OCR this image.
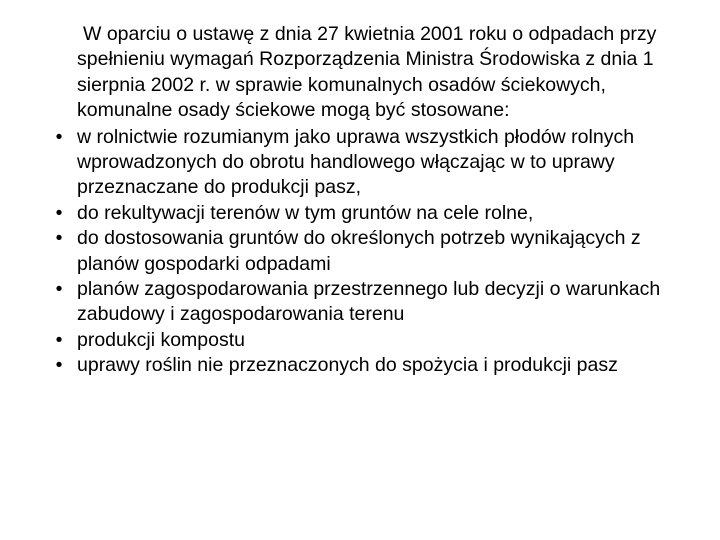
W oparciu o ustawę z dnia 27 kwietnia 2001 roku o odpadach przy spełnieniu wymagań Rozporządzenia Ministra Środowiska z dnia 1 sierpnia 2002 r. w sprawie komunalnych osadów ściekowych, komunalne osady ściekowe mogą być stosowane:

• w rolnictwie rozumianym jako uprawa wszystkich płodów rolnych wprowadzonych do obrotu handlowego włączając w to uprawy przeznaczane do produkcji pasz,
• do rekultywacji terenów w tym gruntów na cele rolne,
• do dostosowania gruntów do określonych potrzeb wynikających z planów gospodarki odpadami
• planów zagospodarowania przestrzennego lub decyzji o warunkach zabudowy i zagospodarowania terenu
• produkcji kompostu
• uprawy roślin nie przeznaczonych do spożycia i produkcji pasz
